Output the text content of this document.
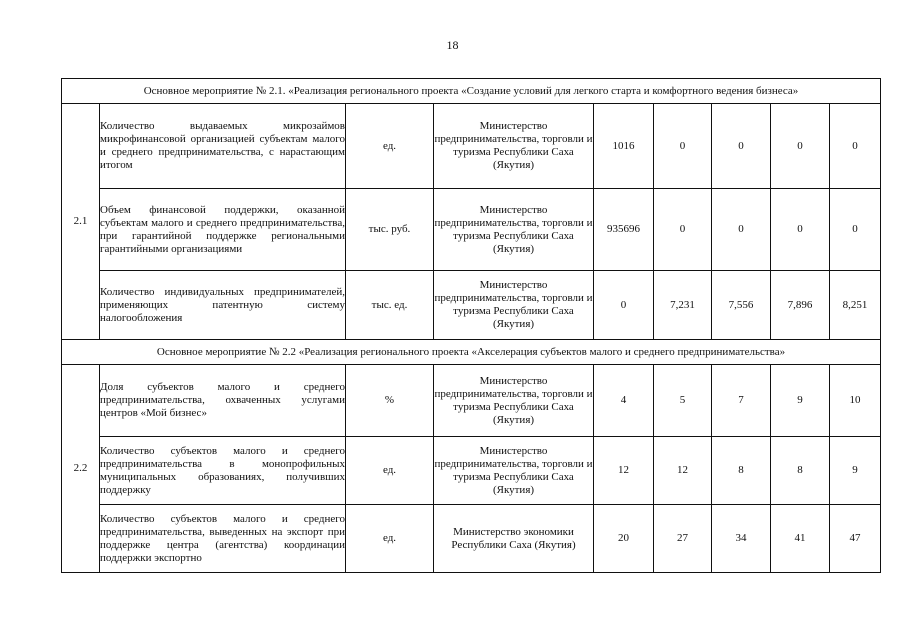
18
Основное мероприятие № 2.1. «Реализация регионального проекта «Создание условий для легкого старта и комфортного ведения бизнеса»								
2.1	Количество выдаваемых микрозаймов микрофинансовой организацией субъектам малого и среднего предпринимательства, с нарастающим итогом	ед.	Министерство предпринимательства, торговли и туризма Республики Саха (Якутия)	1016	0	0	0	0
	Объем финансовой поддержки, оказанной субъектам малого и среднего предпринимательства, при гарантийной поддержке региональными гарантийными организациями	тыс. руб.	Министерство предпринимательства, торговли и туризма Республики Саха (Якутия)	935696	0	0	0	0
	Количество индивидуальных предпринимателей, применяющих патентную систему налогообложения	тыс. ед.	Министерство предпринимательства, торговли и туризма Республики Саха (Якутия)	0	7,231	7,556	7,896	8,251
Основное мероприятие № 2.2 «Реализация регионального проекта «Акселерация субъектов малого и среднего предпринимательства»								
2.2	Доля субъектов малого и среднего предпринимательства, охваченных услугами центров «Мой бизнес»	%	Министерство предпринимательства, торговли и туризма Республики Саха (Якутия)	4	5	7	9	10
	Количество субъектов малого и среднего предпринимательства в монопрофильных муниципальных образованиях, получивших поддержку	ед.	Министерство предпринимательства, торговли и туризма Республики Саха (Якутия)	12	12	8	8	9
	Количество субъектов малого и среднего предпринимательства, выведенных на экспорт при поддержке центра (агентства) координации поддержки экспортно	ед.	Министерство экономики Республики Саха (Якутия)	20	27	34	41	47
